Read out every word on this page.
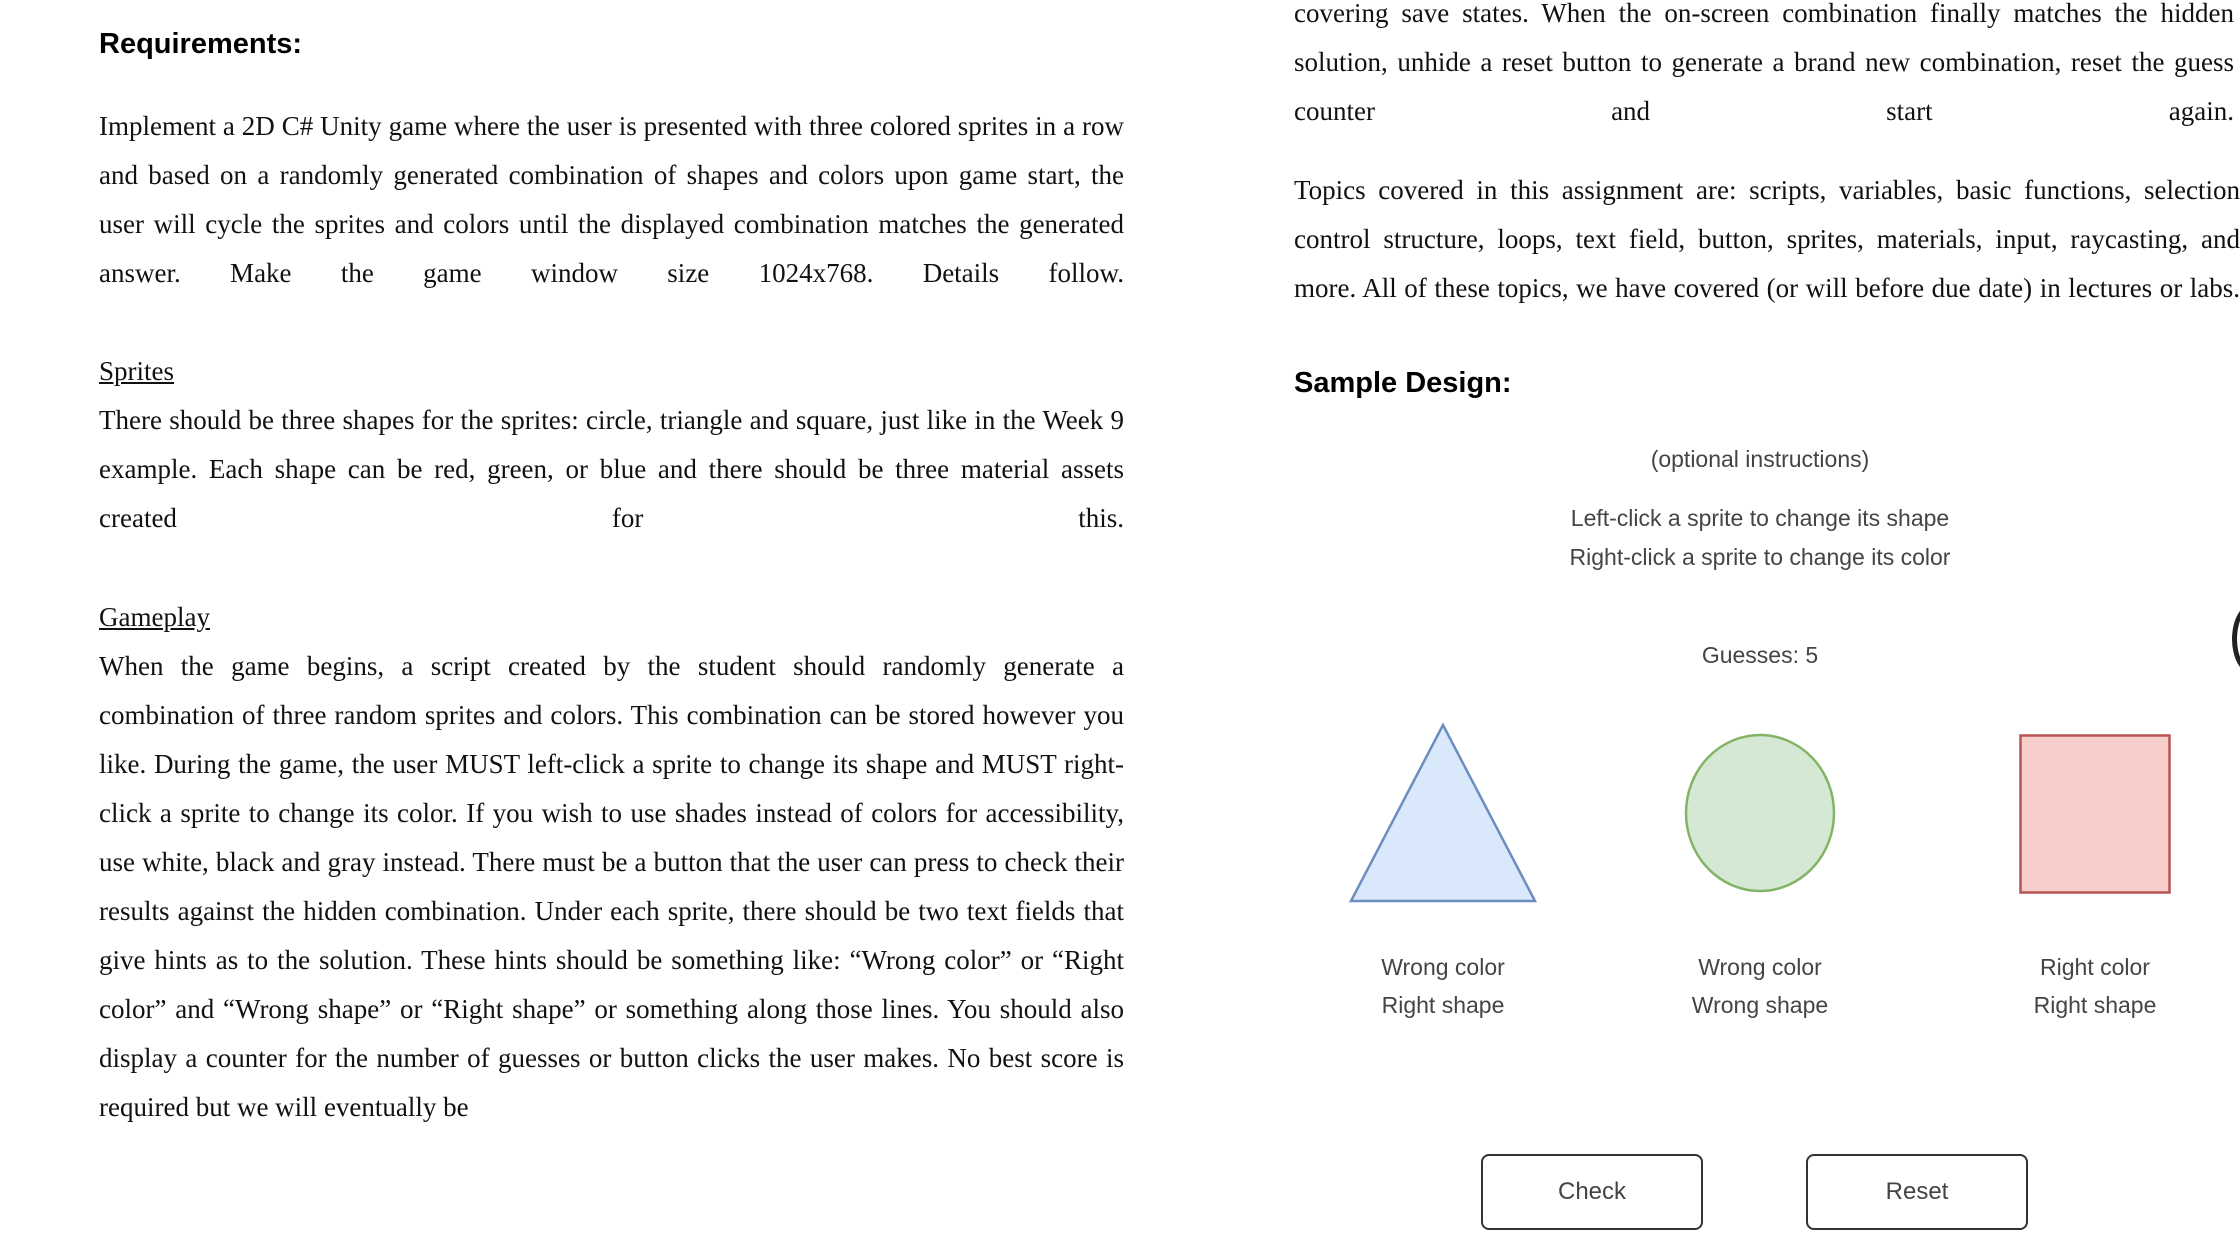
Requirements:

Implement a 2D C# Unity game where the user is presented with three colored sprites in a row and based on a randomly generated combination of shapes and colors upon game start, the user will cycle the sprites and colors until the displayed combination matches the generated answer. Make the game window size 1024x768. Details follow.

Sprites

There should be three shapes for the sprites: circle, triangle and square, just like in the Week 9 example. Each shape can be red, green, or blue and there should be three material assets created for this.

Gameplay

When the game begins, a script created by the student should randomly generate a combination of three random sprites and colors. This combination can be stored however you like. During the game, the user MUST left-click a sprite to change its shape and MUST right-click a sprite to change its color. If you wish to use shades instead of colors for accessibility, use white, black and gray instead. There must be a button that the user can press to check their results against the hidden combination. Under each sprite, there should be two text fields that give hints as to the solution. These hints should be something like: “Wrong color” or “Right color” and “Wrong shape” or “Right shape” or something along those lines. You should also display a counter for the number of guesses or button clicks the user makes. No best score is required but we will eventually be

covering save states. When the on-screen combination finally matches the hidden solution, unhide a reset button to generate a brand new combination, reset the guess counter and start again.

Topics covered in this assignment are: scripts, variables, basic functions, selection control structure, loops, text field, button, sprites, materials, input, raycasting, and more. All of these topics, we have covered (or will before due date) in lectures or labs.

Sample Design:
(optional instructions)
Left-click a sprite to change its shape
Right-click a sprite to change its color
Guesses: 5
Wrong color
Right shape
Wrong color
Wrong shape
Right color
Right shape
Check	Reset
